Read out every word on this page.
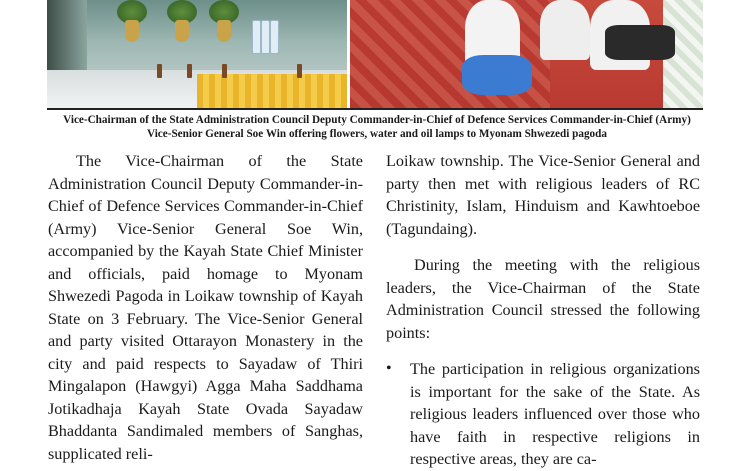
Vice-Chairman of the State Administration Council Deputy Commander-in-Chief of Defence Services Commander-in-Chief (Army) Vice-Senior General Soe Win offering flowers, water and oil lamps to Myonam Shwezedi pagoda

The Vice-Chairman of the State Administration Council Deputy Commander-in-Chief of Defence Services Commander-in-Chief (Army) Vice-Senior General Soe Win, accompanied by the Kayah State Chief Minister and officials, paid homage to Myonam Shwezedi Pagoda in Loikaw township of Kayah State on 3 February. The Vice-Senior General and party visited Ottarayon Monastery in the city and paid respects to Sayadaw of Thiri Mingalapon (Hawgyi) Agga Maha Saddhama Jotikadhaja Kayah State Ovada Sayadaw Bhaddanta Sandimaled members of Sanghas, supplicated reli-

Loikaw township. The Vice-Senior General and party then met with religious leaders of RC Christinity, Islam, Hinduism and Kawhtoeboe (Tagundaing).

During the meeting with the religious leaders, the Vice-Chairman of the State Administration Council stressed the following points:

•	The participation in religious organizations is important for the sake of the State. As religious leaders influenced over those who have faith in respective religions in respective areas, they are ca-
